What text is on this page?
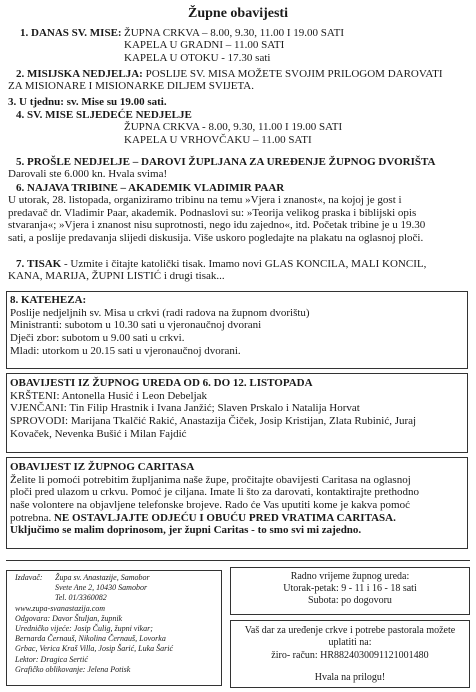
Župne obavijesti
1. DANAS SV. MISE: ŽUPNA CRKVA – 8.00, 9.30, 11.00 I 19.00 SATI
KAPELA U GRADNI – 11.00 SATI
KAPELA U OTOKU - 17.30 sati
2. MISIJSKA NEDJELJA: POSLIJE SV. MISA MOŽETE SVOJIM PRILOGOM DAROVATI
ZA MISIONARE I MISIONARKE DILJEM SVIJETA.
3. U tjednu: sv. Mise su 19.00 sati.
4. SV. MISE SLJEDEĆE NEDJELJE
ŽUPNA CRKVA - 8.00, 9.30, 11.00 I 19.00 SATI
KAPELA U VRHOVČAKU – 11.00 SATI
5. PROŠLE NEDJELJE – DAROVI ŽUPLJANA ZA UREĐENJE ŽUPNOG DVORIŠTA
Darovali ste 6.000 kn. Hvala svima!
6. NAJAVA TRIBINE – AKADEMIK VLADIMIR PAAR
U utorak, 28. listopada, organiziramo tribinu na temu »Vjera i znanost«, na kojoj je gost i
predavač dr. Vladimir Paar, akademik. Podnaslovi su: »Teorija velikog praska i biblijski opis
stvaranja«; »Vjera i znanost nisu suprotnosti, nego idu zajedno«, itd. Početak tribine je u 19.30
sati, a poslije predavanja slijedi diskusija. Više uskoro pogledajte na plakatu na oglasnoj ploči.
7. TISAK - Uzmite i čitajte katolički tisak. Imamo novi GLAS KONCILA, MALI KONCIL,
KANA, MARIJA, ŽUPNI LISTIĆ i drugi tisak...
8. KATEHEZA:
Poslije nedjeljnih sv. Misa u crkvi (radi radova na župnom dvorištu)
Ministranti: subotom u 10.30 sati u vjeronaučnoj dvorani
Dječi zbor: subotom u 9.00 sati u crkvi.
Mladi: utorkom u 20.15 sati u vjeronaučnoj dvorani.
OBAVIJESTI IZ ŽUPNOG UREDA OD 6. DO 12. LISTOPADA
KRŠTENI: Antonella Husić i Leon Debeljak
VJENČANI: Tin Filip Hrastnik i Ivana Janžić; Slaven Prskalo i Natalija Horvat
SPROVODI: Marijana Tkalčić Rakić, Anastazija Čiček, Josip Kristijan, Zlata Rubinić, Juraj
Kovaček, Nevenka Bušić i Milan Fajdić
OBAVIJEST IZ ŽUPNOG CARITASA
Želite li pomoći potrebitim župljanima naše župe, pročitajte obavijesti Caritasa na oglasnoj
ploči pred ulazom u crkvu. Pomoć je ciljana. Imate li što za darovati, kontaktirajte prethodno
naše volontere na objavljene telefonske brojeve. Rado će Vas uputiti kome je kakva pomoć
potrebna. NE OSTAVLJAJTE ODJEĆU I OBUĆU PRED VRATIMA CARITASA.
Uključimo se malim doprinosom, jer župni Caritas - to smo svi mi zajedno.
Izdavač:	Župa sv. Anastazije, Samobor
Svete Ane 2, 10430 Samobor
Tel. 01/3360082
www.zupa-svanastazija.com
Odgovara: Davor Štuljan, župnik
Uredničko vijeće: Josip Čulig, župni vikar;
Bernarda Černauš, Nikolina Černauš, Lovorka
Grbac, Verica Kraš Villa, Josip Šarić, Luka Šarić
Lektor: Dragica Sertić
Grafičko oblikovanje: Jelena Potisk
Radno vrijeme župnog ureda:
Utorak-petak: 9 - 11 i 16 - 18 sati
Subota: po dogovoru
Vaš dar za uređenje crkve i potrebe pastorala možete
uplatiti na:
žiro- račun: HR8824030091121001480
Hvala na prilogu!
